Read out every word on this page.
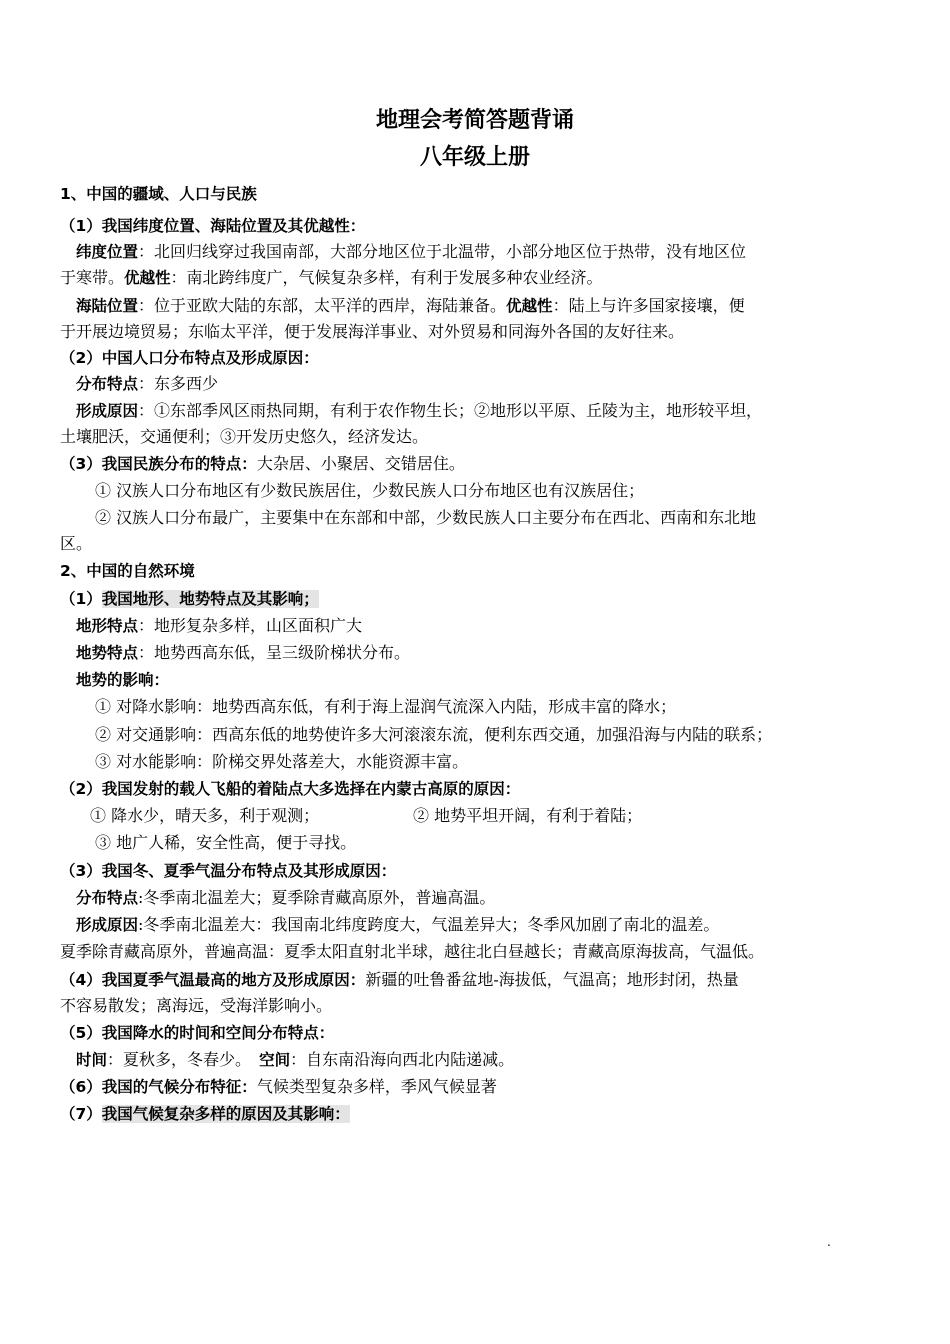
地理会考简答题背诵
八年级上册
1、中国的疆域、人口与民族
（1）我国纬度位置、海陆位置及其优越性：
　纬度位置：北回归线穿过我国南部，大部分地区位于北温带，小部分地区位于热带，没有地区位
于寒带。优越性：南北跨纬度广，气候复杂多样，有利于发展多种农业经济。
　海陆位置：位于亚欧大陆的东部，太平洋的西岸，海陆兼备。优越性：陆上与许多国家接壤，便
于开展边境贸易；东临太平洋，便于发展海洋事业、对外贸易和同海外各国的友好往来。
（2）中国人口分布特点及形成原因：
　分布特点：东多西少
　形成原因：①东部季风区雨热同期，有利于农作物生长；②地形以平原、丘陵为主，地形较平坦，
土壤肥沃，交通便利；③开发历史悠久，经济发达。
（3）我国民族分布的特点：大杂居、小聚居、交错居住。
① 汉族人口分布地区有少数民族居住，少数民族人口分布地区也有汉族居住；
② 汉族人口分布最广，主要集中在东部和中部，少数民族人口主要分布在西北、西南和东北地
区。
2、中国的自然环境
（1）我国地形、地势特点及其影响；
　地形特点：地形复杂多样，山区面积广大
　地势特点：地势西高东低，呈三级阶梯状分布。
　地势的影响：
① 对降水影响：地势西高东低，有利于海上湿润气流深入内陆，形成丰富的降水；
② 对交通影响：西高东低的地势使许多大河滚滚东流，便利东西交通，加强沿海与内陆的联系；
③ 对水能影响：阶梯交界处落差大，水能资源丰富。
（2）我国发射的载人飞船的着陆点大多选择在内蒙古高原的原因：
① 降水少，晴天多，利于观测；	② 地势平坦开阔，有利于着陆；
③ 地广人稀，安全性高，便于寻找。
（3）我国冬、夏季气温分布特点及其形成原因：
　分布特点:冬季南北温差大；夏季除青藏高原外，普遍高温。
　形成原因:冬季南北温差大：我国南北纬度跨度大，气温差异大；冬季风加剧了南北的温差。
夏季除青藏高原外，普遍高温：夏季太阳直射北半球，越往北白昼越长；青藏高原海拔高，气温低。
（4）我国夏季气温最高的地方及形成原因：新疆的吐鲁番盆地-海拔低，气温高；地形封闭，热量
不容易散发；离海远，受海洋影响小。
（5）我国降水的时间和空间分布特点：
　时间：夏秋多，冬春少。　 空间：自东南沿海向西北内陆递减。
（6）我国的气候分布特征：气候类型复杂多样，季风气候显著
（7）我国气候复杂多样的原因及其影响：
.
